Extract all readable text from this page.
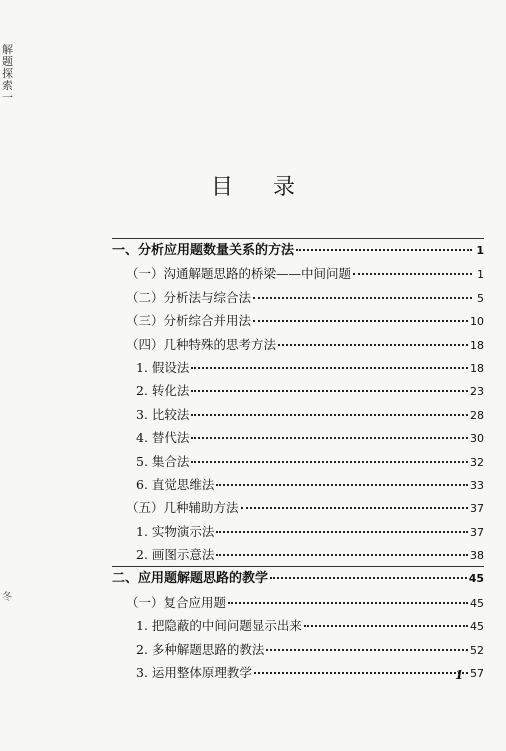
解题探索一
冬
目录
一、分析应用题数量关系的方法	1
（一）沟通解题思路的桥梁——中间问题	1
（二）分析法与综合法	5
（三）分析综合并用法	10
（四）几种特殊的思考方法	18
1. 假设法	18
2. 转化法	23
3. 比较法	28
4. 替代法	30
5. 集合法	32
6. 直觉思维法	33
（五）几种辅助方法	37
1. 实物演示法	37
2. 画图示意法	38
二、应用题解题思路的教学	45
（一）复合应用题	45
1. 把隐蔽的中间问题显示出来	45
2. 多种解题思路的教法	52
3. 运用整体原理教学	57
1
